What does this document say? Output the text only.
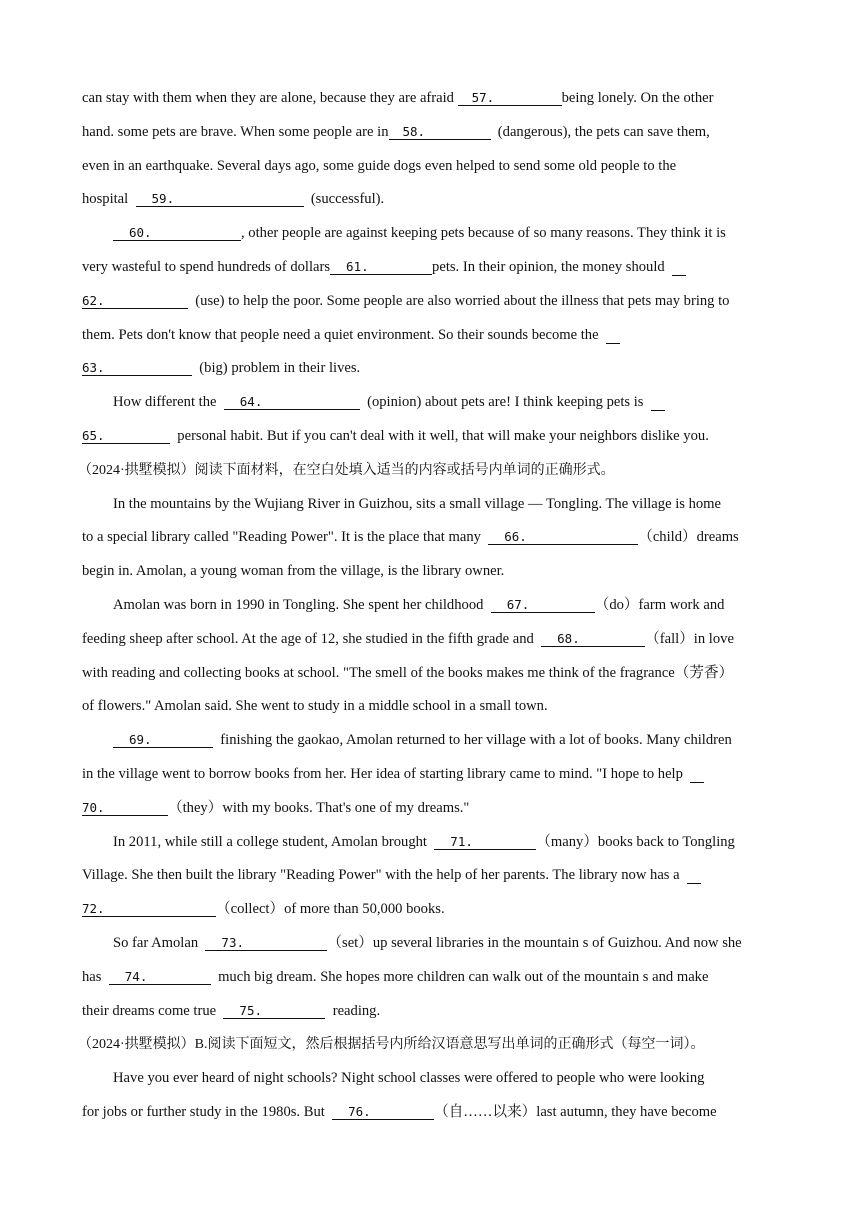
can stay with them when they are alone, because they are afraid 57.	being lonely. On the other
hand. some pets are brave. When some people are in 58.	(dangerous), the pets can save them,
even in an earthquake. Several days ago, some guide dogs even helped to send some old people to the
hospital  59.	(successful).
60.	, other people are against keeping pets because of so many reasons. They think it is
very wasteful to spend hundreds of dollars 61.	pets. In their opinion, the money should
62.	(use) to help the poor. Some people are also worried about the illness that pets may bring to
them. Pets don't know that people need a quiet environment. So their sounds become the
63.	(big) problem in their lives.
How different the  64.	(opinion) about pets are! I think keeping pets is
65.	personal habit. But if you can't deal with it well, that will make your neighbors dislike you.
（2024·拱墅模拟）阅读下面材料，在空白处填入适当的内容或括号内单词的正确形式。
In the mountains by the Wujiang River in Guizhou, sits a small village — Tongling. The village is home
to a special library called "Reading Power". It is the place that many  66.	（child）dreams
begin in. Amolan, a young woman from the village, is the library owner.
Amolan was born in 1990 in Tongling. She spent her childhood  67.	（do）farm work and
feeding sheep after school. At the age of 12, she studied in the fifth grade and  68.	（fall）in love
with reading and collecting books at school. "The smell of the books makes me think of the fragrance（芳香）
of flowers." Amolan said. She went to study in a middle school in a small town.
69.	finishing the gaokao, Amolan returned to her village with a lot of books. Many children
in the village went to borrow books from her. Her idea of starting library came to mind. "I hope to help
70.	（they）with my books. That's one of my dreams."
In 2011, while still a college student, Amolan brought  71.	（many）books back to Tongling
Village. She then built the library "Reading Power" with the help of her parents. The library now has a
72.	（collect）of more than 50,000 books.
So far Amolan  73.	（set）up several libraries in the mountain s of Guizhou. And now she
has  74.	much big dream. She hopes more children can walk out of the mountain s and make
their dreams come true  75.	reading.
（2024·拱墅模拟）B.阅读下面短文，然后根据括号内所给汉语意思写出单词的正确形式（每空一词）。
Have you ever heard of night schools? Night school classes were offered to people who were looking
for jobs or further study in the 1980s. But  76.	（自……以来）last autumn, they have become
